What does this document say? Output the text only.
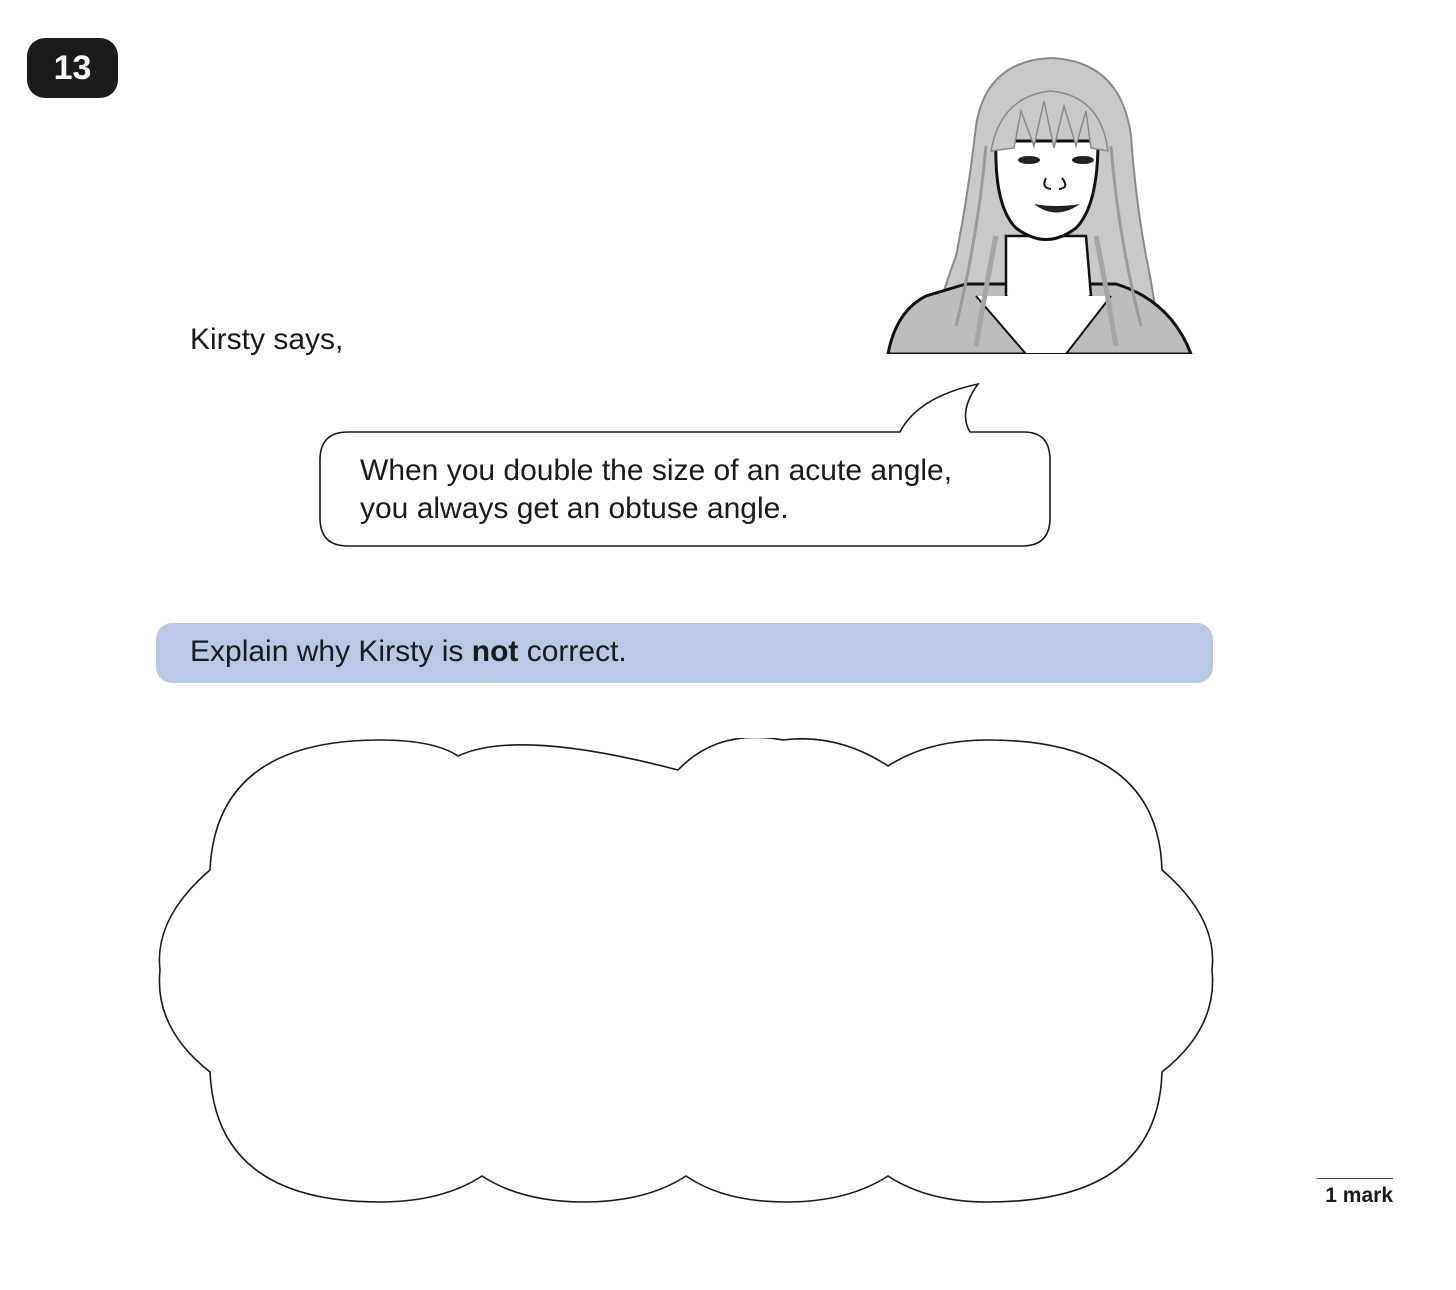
13
Kirsty says,
When you double the size of an acute angle,
you always get an obtuse angle.
Explain why Kirsty is not correct.
1 mark
